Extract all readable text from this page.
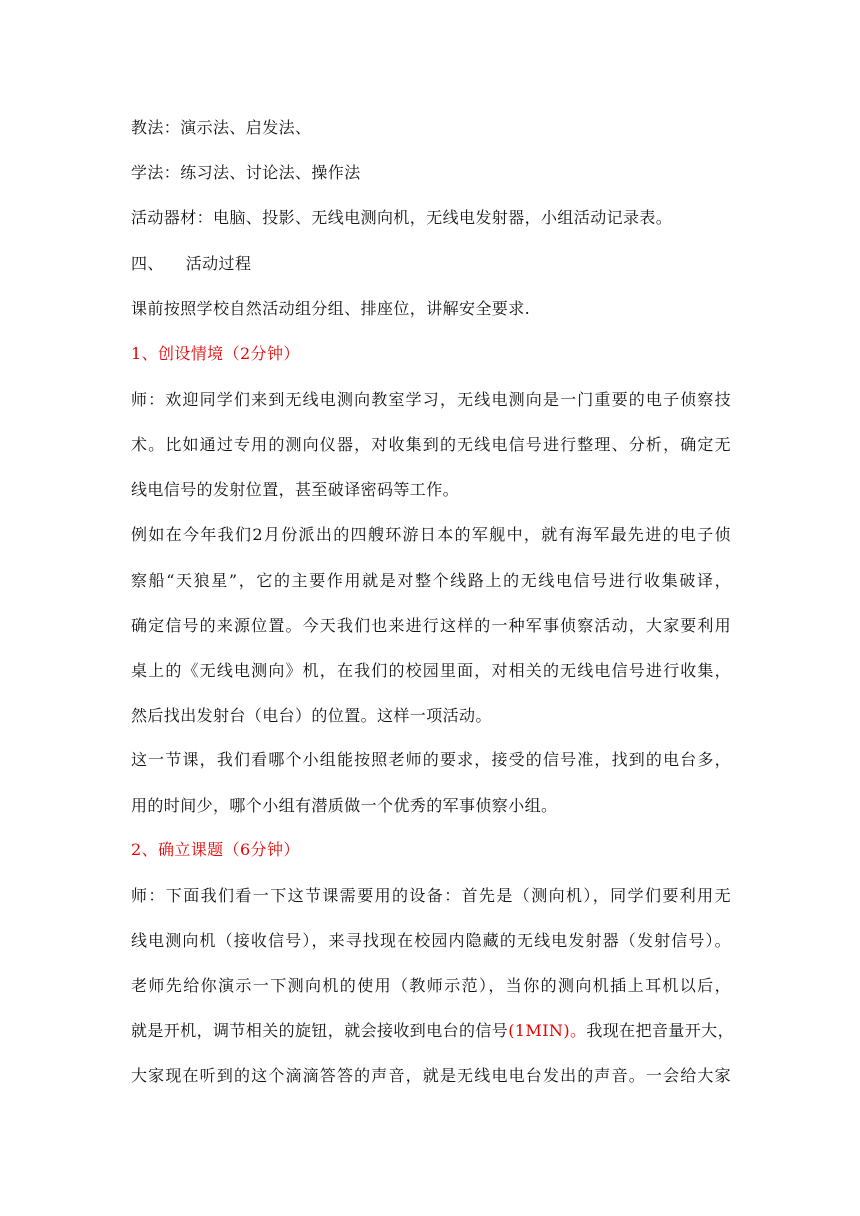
教法：演示法、启发法、
学法：练习法、讨论法、操作法
活动器材：电脑、投影、无线电测向机，无线电发射器，小组活动记录表。
四、    活动过程
课前按照学校自然活动组分组、排座位，讲解安全要求.
1、创设情境（2分钟）
师：欢迎同学们来到无线电测向教室学习，无线电测向是一门重要的电子侦察技
术。比如通过专用的测向仪器，对收集到的无线电信号进行整理、分析，确定无
线电信号的发射位置，甚至破译密码等工作。
例如在今年我们2月份派出的四艘环游日本的军舰中，就有海军最先进的电子侦
察船“天狼星”，它的主要作用就是对整个线路上的无线电信号进行收集破译，
确定信号的来源位置。今天我们也来进行这样的一种军事侦察活动，大家要利用
桌上的《无线电测向》机，在我们的校园里面，对相关的无线电信号进行收集，
然后找出发射台（电台）的位置。这样一项活动。
这一节课，我们看哪个小组能按照老师的要求，接受的信号准，找到的电台多，
用的时间少，哪个小组有潜质做一个优秀的军事侦察小组。
2、确立课题（6分钟）
师：下面我们看一下这节课需要用的设备：首先是（测向机），同学们要利用无
线电测向机（接收信号），来寻找现在校园内隐藏的无线电发射器（发射信号）。
老师先给你演示一下测向机的使用（教师示范），当你的测向机插上耳机以后，
就是开机，调节相关的旋钮，就会接收到电台的信号(1MIN)。我现在把音量开大，
大家现在听到的这个滴滴答答的声音，就是无线电电台发出的声音。一会给大家
